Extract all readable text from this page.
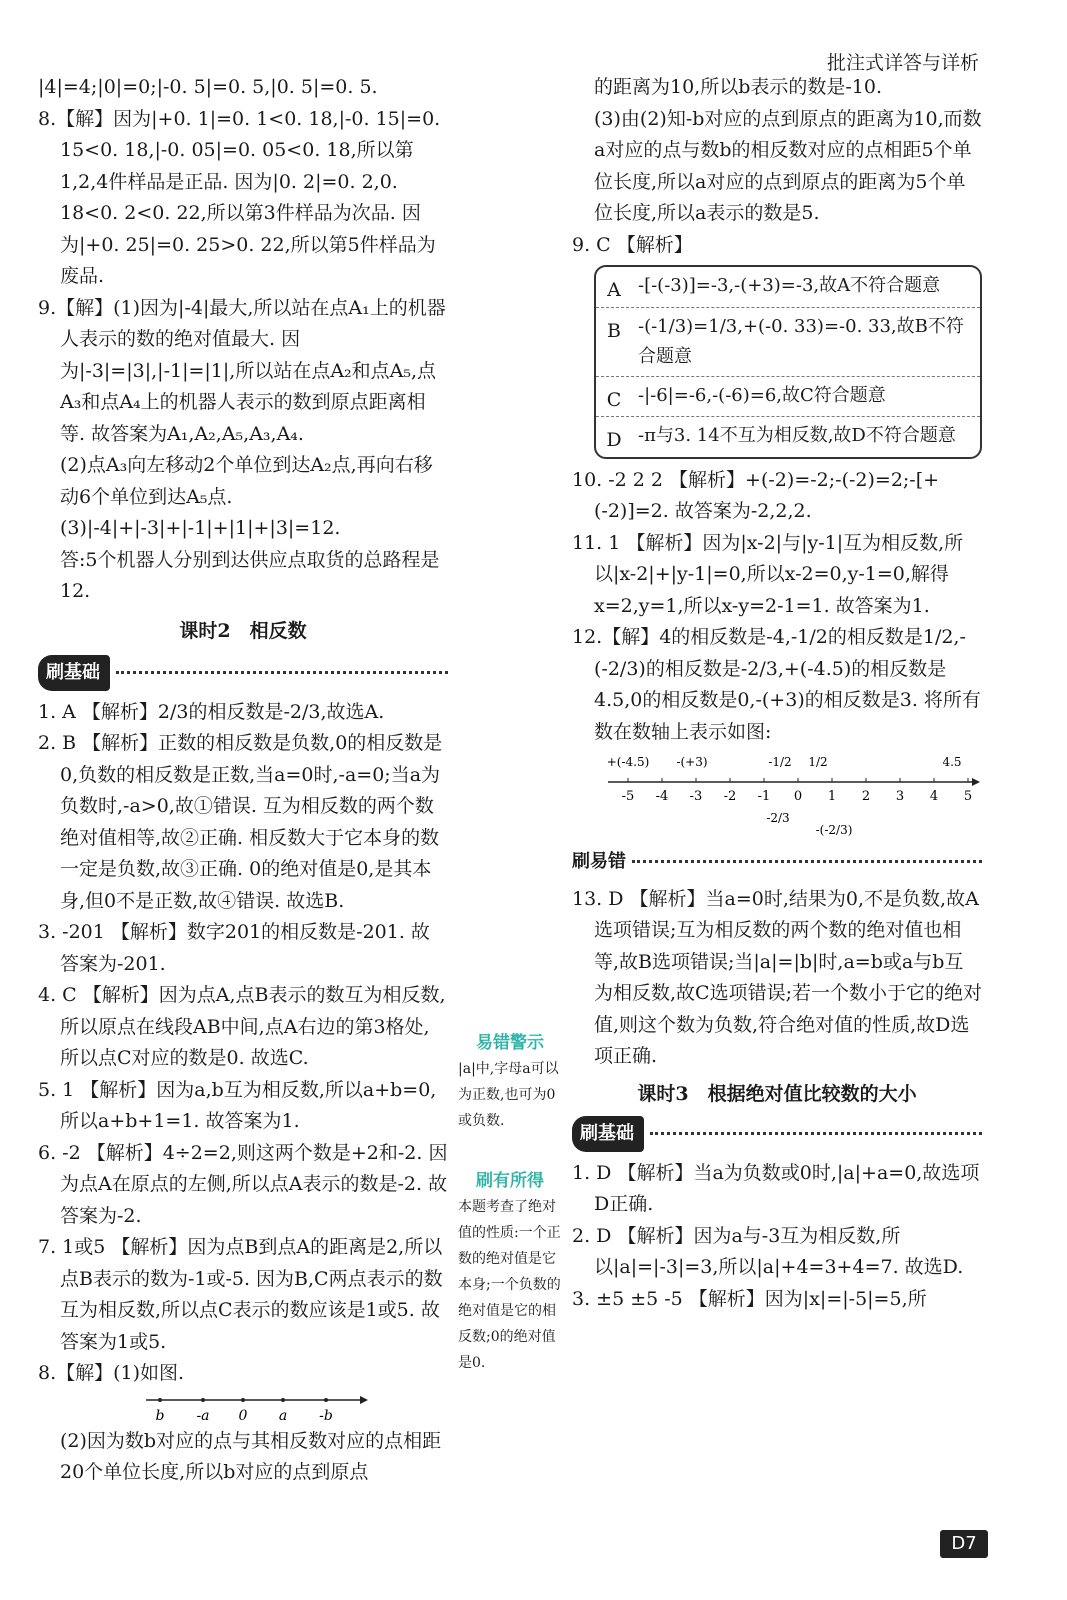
批注式详答与详析

|4|=4;|0|=0;|-0. 5|=0. 5,|0. 5|=0. 5.

8.【解】因为|+0. 1|=0. 1<0. 18,|-0. 15|=0. 15<0. 18,|-0. 05|=0. 05<0. 18,所以第1,2,4件样品是正品. 因为|0. 2|=0. 2,0. 18<0. 2<0. 22,所以第3件样品为次品. 因为|+0. 25|=0. 25>0. 22,所以第5件样品为废品.

9.【解】(1)因为|-4|最大,所以站在点A₁上的机器人表示的数的绝对值最大. 因为|-3|=|3|,|-1|=|1|,所以站在点A₂和点A₅,点A₃和点A₄上的机器人表示的数到原点距离相等. 故答案为A₁,A₂,A₅,A₃,A₄.

(2)点A₃向左移动2个单位到达A₂点,再向右移动6个单位到达A₅点.

(3)|-4|+|-3|+|-1|+|1|+|3|=12.

答:5个机器人分别到达供应点取货的总路程是12.

课时2　相反数

刷基础

1. A 【解析】2/3的相反数是-2/3,故选A.

2. B 【解析】正数的相反数是负数,0的相反数是0,负数的相反数是正数,当a=0时,-a=0;当a为负数时,-a>0,故①错误. 互为相反数的两个数绝对值相等,故②正确. 相反数大于它本身的数一定是负数,故③正确. 0的绝对值是0,是其本身,但0不是正数,故④错误. 故选B.

3. -201 【解析】数字201的相反数是-201. 故答案为-201.

4. C 【解析】因为点A,点B表示的数互为相反数,所以原点在线段AB中间,点A右边的第3格处,所以点C对应的数是0. 故选C.

5. 1 【解析】因为a,b互为相反数,所以a+b=0,所以a+b+1=1. 故答案为1.

6. -2 【解析】4÷2=2,则这两个数是+2和-2. 因为点A在原点的左侧,所以点A表示的数是-2. 故答案为-2.

7. 1或5 【解析】因为点B到点A的距离是2,所以点B表示的数为-1或-5. 因为B,C两点表示的数互为相反数,所以点C表示的数应该是1或5. 故答案为1或5.

8.【解】(1)如图.

b -a 0 a -b

(2)因为数b对应的点与其相反数对应的点相距20个单位长度,所以b对应的点到原点

易错警示
|a|中,字母a可以为正数,也可为0或负数.
刷有所得
本题考查了绝对值的性质:一个正数的绝对值是它本身;一个负数的绝对值是它的相反数;0的绝对值是0.

的距离为10,所以b表示的数是-10.

(3)由(2)知-b对应的点到原点的距离为10,而数a对应的点与数b的相反数对应的点相距5个单位长度,所以a对应的点到原点的距离为5个单位长度,所以a表示的数是5.

9. C 【解析】

A -[-(-3)]=-3,-(+3)=-3,故A不符合题意
B -(-1/3)=1/3,+(-0. 33)=-0. 33,故B不符合题意
C -|-6|=-6,-(-6)=6,故C符合题意
D -π与3. 14不互为相反数,故D不符合题意

10. -2 2 2 【解析】+(-2)=-2;-(-2)=2;-[+(-2)]=2. 故答案为-2,2,2.

11. 1 【解析】因为|x-2|与|y-1|互为相反数,所以|x-2|+|y-1|=0,所以x-2=0,y-1=0,解得x=2,y=1,所以x-y=2-1=1. 故答案为1.

12.【解】4的相反数是-4,-1/2的相反数是1/2,-(-2/3)的相反数是-2/3,+(-4.5)的相反数是4.5,0的相反数是0,-(+3)的相反数是3. 将所有数在数轴上表示如图:

-5 -4 -3 -2 -1 0 1 2 3 4 5
+(-4.5) -(+3)	-1/2 1/2	4.5
-2/3
-(-2/3)
刷易错

13. D 【解析】当a=0时,结果为0,不是负数,故A选项错误;互为相反数的两个数的绝对值也相等,故B选项错误;当|a|=|b|时,a=b或a与b互为相反数,故C选项错误;若一个数小于它的绝对值,则这个数为负数,符合绝对值的性质,故D选项正确.

课时3　根据绝对值比较数的大小

刷基础

1. D 【解析】当a为负数或0时,|a|+a=0,故选项D正确.

2. D 【解析】因为a与-3互为相反数,所以|a|=|-3|=3,所以|a|+4=3+4=7. 故选D.

3. ±5 ±5 -5 【解析】因为|x|=|-5|=5,所

D7
